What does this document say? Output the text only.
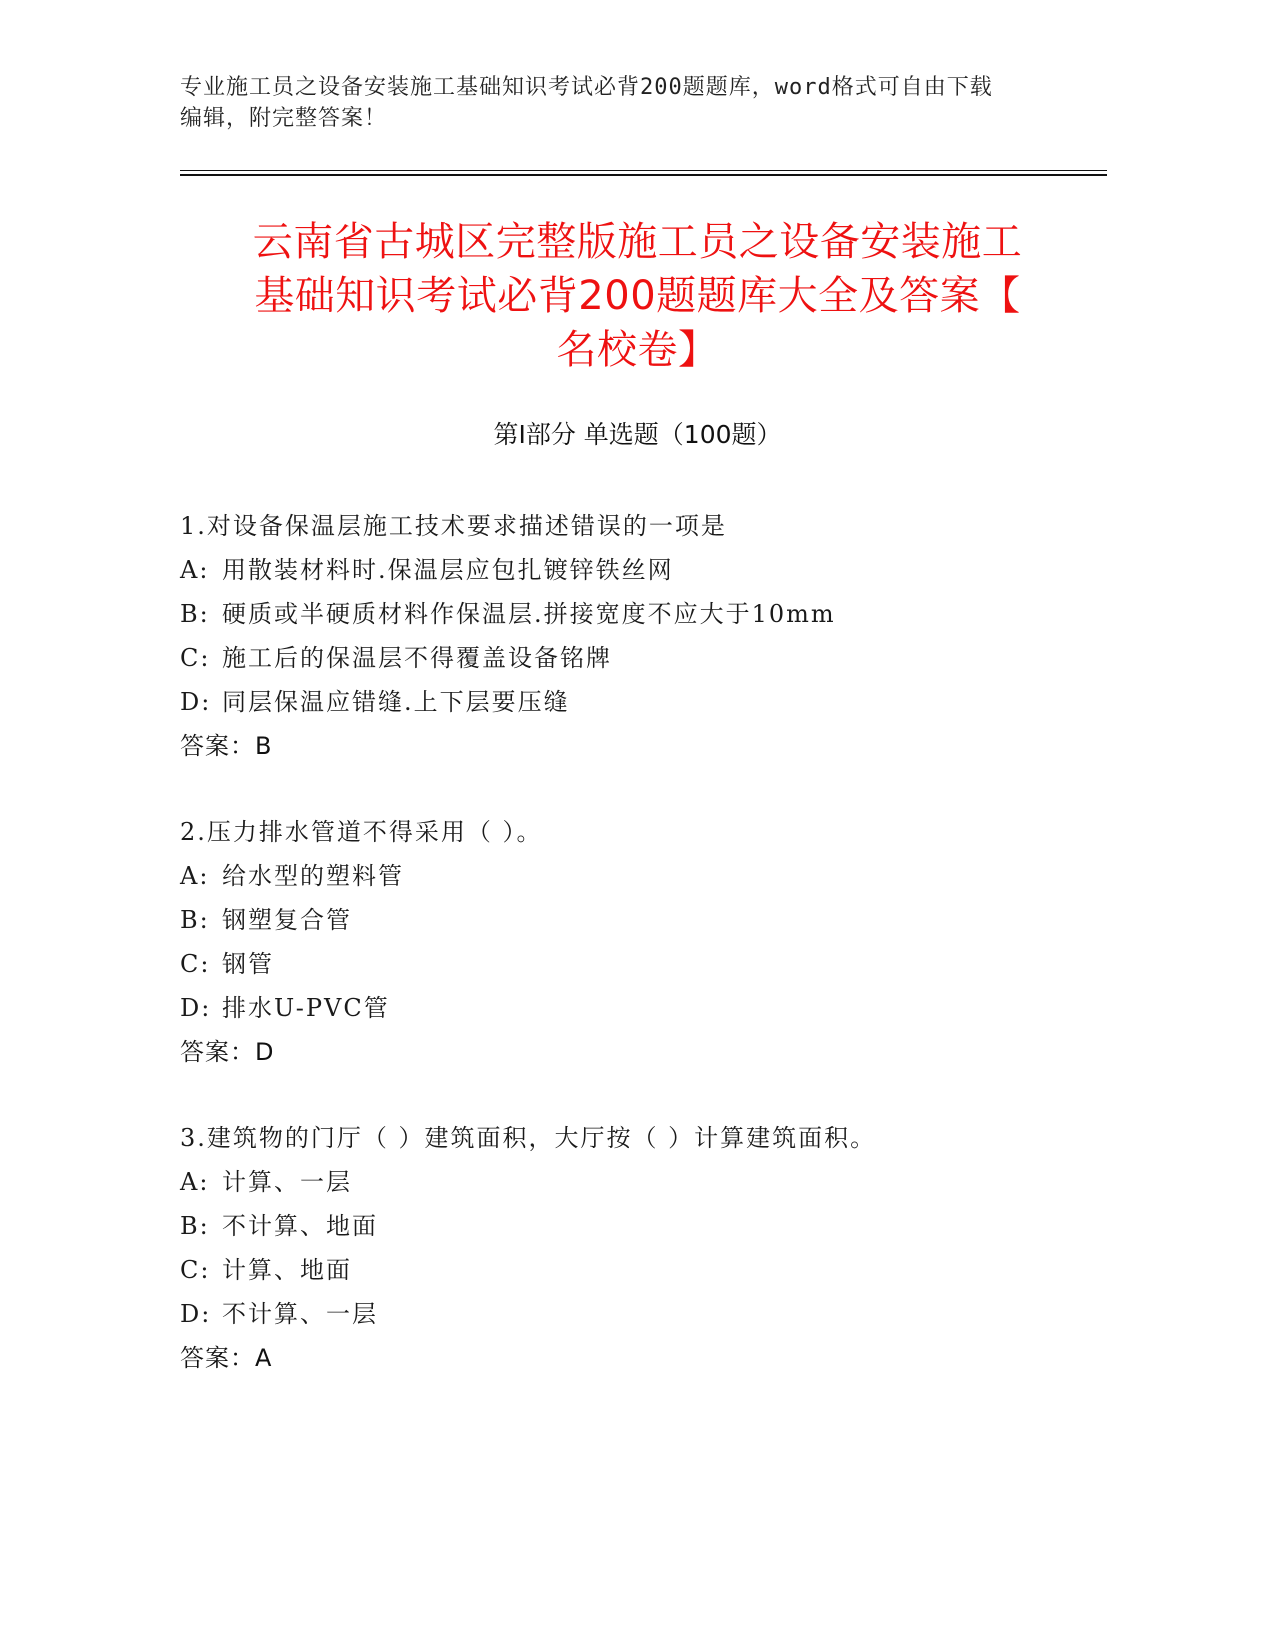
专业施工员之设备安装施工基础知识考试必背200题题库，word格式可自由下载
编辑，附完整答案！
云南省古城区完整版施工员之设备安装施工
基础知识考试必背200题题库大全及答案【
名校卷】
第I部分 单选题（100题）
1.对设备保温层施工技术要求描述错误的一项是
A: 用散装材料时.保温层应包扎镀锌铁丝网
B: 硬质或半硬质材料作保温层.拼接宽度不应大于10mm
C: 施工后的保温层不得覆盖设备铭牌
D: 同层保温应错缝.上下层要压缝
答案：B
2.压力排水管道不得采用（ ）。
A: 给水型的塑料管
B: 钢塑复合管
C: 钢管
D: 排水U-PVC管
答案：D
3.建筑物的门厅（ ）建筑面积，大厅按（ ）计算建筑面积。
A: 计算、一层
B: 不计算、地面
C: 计算、地面
D: 不计算、一层
答案：A
